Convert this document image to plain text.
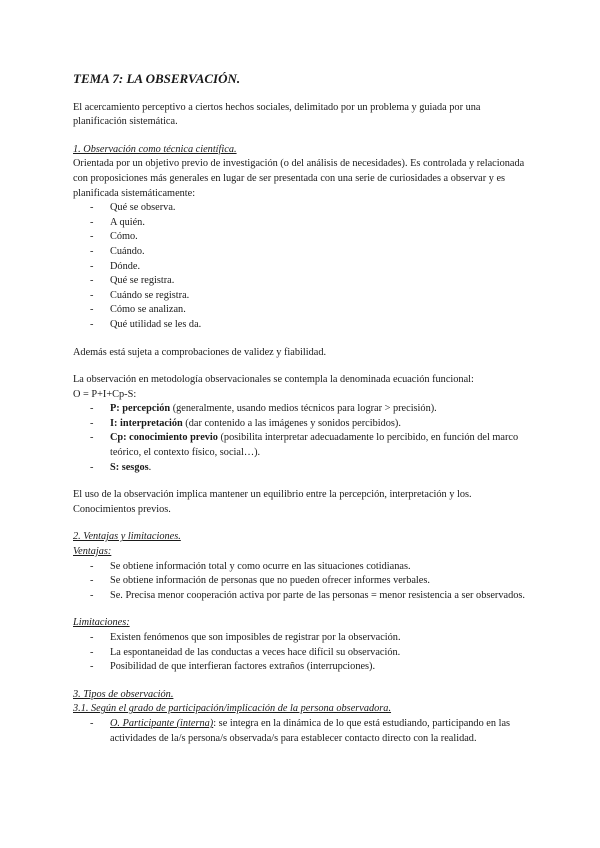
TEMA 7: LA OBSERVACIÓN.

El acercamiento perceptivo a ciertos hechos sociales, delimitado por un problema y guiada por una planificación sistemática.

1. Observación como técnica científica.

Orientada por un objetivo previo de investigación (o del análisis de necesidades). Es controlada y relacionada con proposiciones más generales en lugar de ser presentada con una serie de curiosidades a observar y es planificada sistemáticamente:

- Qué se observa.
- A quién.
- Cómo.
- Cuándo.
- Dónde.
- Qué se registra.
- Cuándo se registra.
- Cómo se analizan.
- Qué utilidad se les da.

Además está sujeta a comprobaciones de validez y fiabilidad.

La observación en metodología observacionales se contempla la denominada ecuación funcional:

O = P+I+Cp-S:

- P: percepción (generalmente, usando medios técnicos para lograr > precisión).
- I: interpretación (dar contenido a las imágenes y sonidos percibidos).
- Cp: conocimiento previo (posibilita interpretar adecuadamente lo percibido, en función del marco teórico, el contexto físico, social…).
- S: sesgos.

El uso de la observación implica mantener un equilibrio entre la percepción, interpretación y los. Conocimientos previos.

2. Ventajas y limitaciones.

Ventajas:

- Se obtiene información total y como ocurre en las situaciones cotidianas.
- Se obtiene información de personas que no pueden ofrecer informes verbales.
- Se. Precisa menor cooperación activa por parte de las personas = menor resistencia a ser observados.

Limitaciones:

- Existen fenómenos que son imposibles de registrar por la observación.
- La espontaneidad de las conductas a veces hace difícil su observación.
- Posibilidad de que interfieran factores extraños (interrupciones).

3. Tipos de observación.

3.1. Según el grado de participación/implicación de la persona observadora.

- O. Participante (interna): se integra en la dinámica de lo que está estudiando, participando en las actividades de la/s persona/s observada/s para establecer contacto directo con la realidad.
